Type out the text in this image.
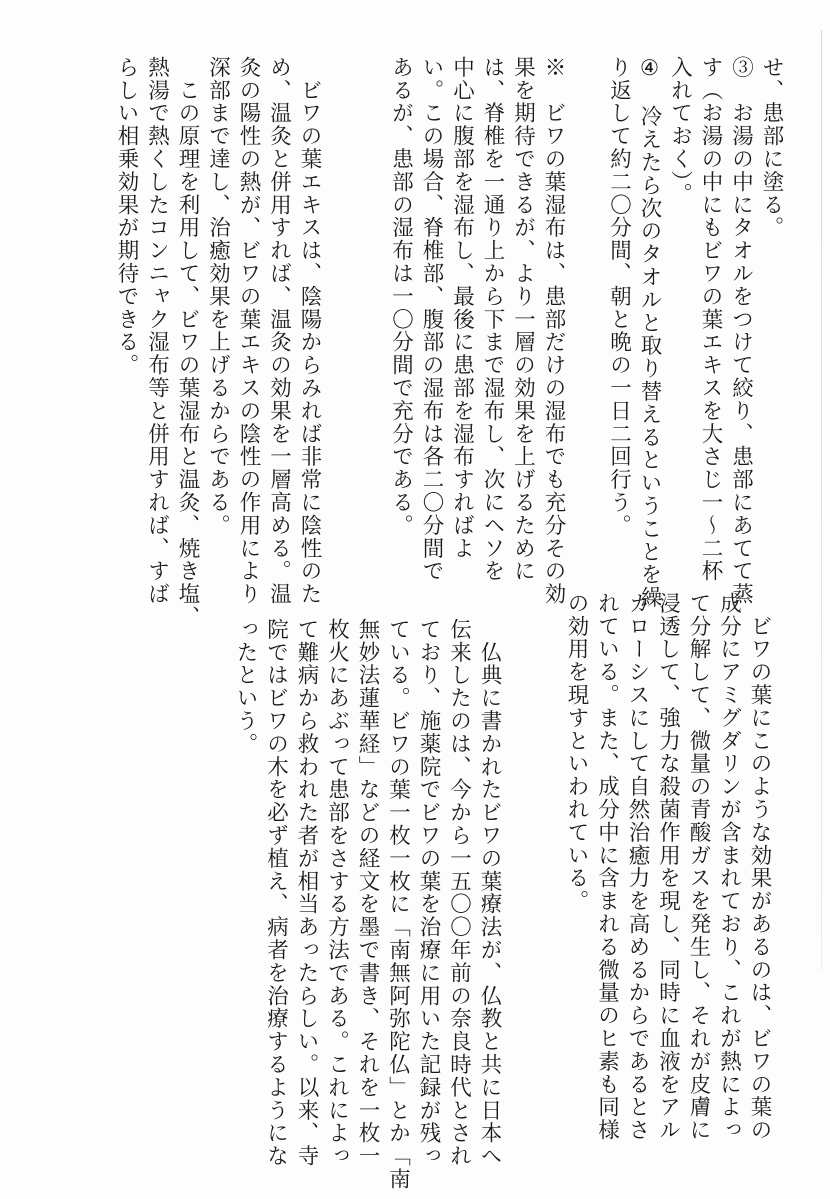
せ、患部に塗る。
③　お湯の中にタオルをつけて絞り、患部にあてて蒸
す（お湯の中にもビワの葉エキスを大さじ一～二杯
入れておく）。
④　冷えたら次のタオルと取り替えるということを繰
り返して約二〇分間、朝と晩の一日二回行う。

※　ビワの葉湿布は、患部だけの湿布でも充分その効
果を期待できるが、より一層の効果を上げるために
は、脊椎を一通り上から下まで湿布し、次にヘソを
中心に腹部を湿布し、最後に患部を湿布すればよ
い。この場合、脊椎部、腹部の湿布は各二〇分間で
あるが、患部の湿布は一〇分間で充分である。

　ビワの葉エキスは、陰陽からみれば非常に陰性のた
め、温灸と併用すれば、温灸の効果を一層高める。温
灸の陽性の熱が、ビワの葉エキスの陰性の作用により
深部まで達し、治癒効果を上げるからである。
　この原理を利用して、ビワの葉湿布と温灸、焼き塩、
熱湯で熱くしたコンニャク湿布等と併用すれば、すば
らしい相乗効果が期待できる。

　ビワの葉にこのような効果があるのは、ビワの葉の
成分にアミグダリンが含まれており、これが熱によっ
て分解して、微量の青酸ガスを発生し、それが皮膚に
浸透して、強力な殺菌作用を現し、同時に血液をアル
カローシスにして自然治癒力を高めるからであるとさ
れている。また、成分中に含まれる微量のヒ素も同様
の効用を現すといわれている。

　仏典に書かれたビワの葉療法が、仏教と共に日本へ
伝来したのは、今から一五〇〇年前の奈良時代とされ
ており、施薬院でビワの葉を治療に用いた記録が残っ
ている。ビワの葉一枚一枚に「南無阿弥陀仏」とか「南
無妙法蓮華経」などの経文を墨で書き、それを一枚一
枚火にあぶって患部をさする方法である。これによっ
て難病から救われた者が相当あったらしい。以来、寺
院ではビワの木を必ず植え、病者を治療するようにな
ったという。
